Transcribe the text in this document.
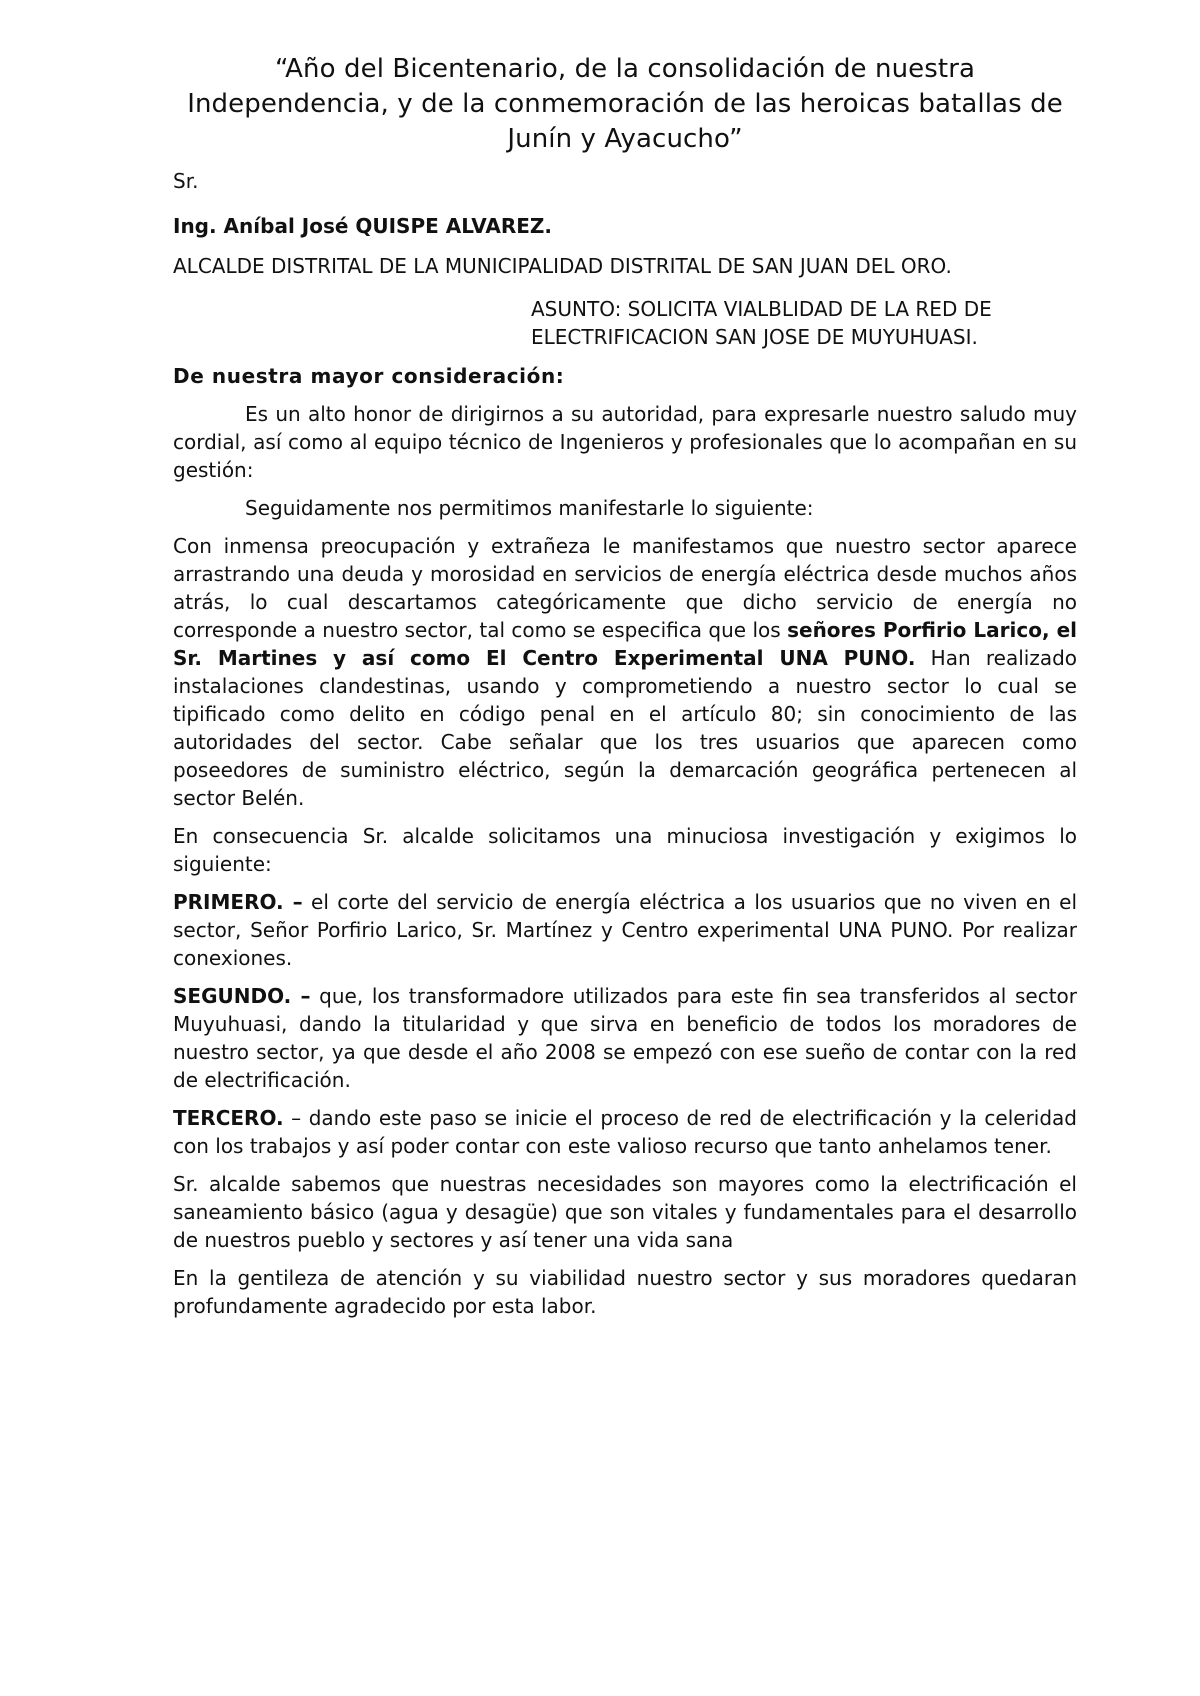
“Año del Bicentenario, de la consolidación de nuestra Independencia, y de la conmemoración de las heroicas batallas de Junín y Ayacucho”
Sr.
Ing. Aníbal José QUISPE ALVAREZ.
ALCALDE DISTRITAL DE LA MUNICIPALIDAD DISTRITAL DE SAN JUAN DEL ORO.
ASUNTO: SOLICITA VIALBLIDAD DE LA RED DE ELECTRIFICACION SAN JOSE DE MUYUHUASI.
De nuestra mayor consideración:
Es un alto honor de dirigirnos a su autoridad, para expresarle nuestro saludo muy cordial, así como al equipo técnico de Ingenieros y profesionales que lo acompañan en su gestión:
Seguidamente nos permitimos manifestarle lo siguiente:
Con inmensa preocupación y extrañeza le manifestamos que nuestro sector aparece arrastrando una deuda y morosidad en servicios de energía eléctrica desde muchos años atrás, lo cual descartamos categóricamente que dicho servicio de energía no corresponde a nuestro sector, tal como se especifica que los señores Porfirio Larico, el Sr. Martines y así como El Centro Experimental UNA PUNO. Han realizado instalaciones clandestinas, usando y comprometiendo a nuestro sector lo cual se tipificado como delito en código penal en el artículo 80; sin conocimiento de las autoridades del sector. Cabe señalar que los tres usuarios que aparecen como poseedores de suministro eléctrico, según la demarcación geográfica pertenecen al sector Belén.
En consecuencia Sr. alcalde solicitamos una minuciosa investigación y exigimos lo siguiente:
PRIMERO. – el corte del servicio de energía eléctrica a los usuarios que no viven en el sector, Señor Porfirio Larico, Sr. Martínez y Centro experimental UNA PUNO. Por realizar conexiones.
SEGUNDO. – que, los transformadore utilizados para este fin sea transferidos al sector Muyuhuasi, dando la titularidad y que sirva en beneficio de todos los moradores de nuestro sector, ya que desde el año 2008 se empezó con ese sueño de contar con la red de electrificación.
TERCERO. – dando este paso se inicie el proceso de red de electrificación y la celeridad con los trabajos y así poder contar con este valioso recurso que tanto anhelamos tener.
Sr. alcalde sabemos que nuestras necesidades son mayores como la electrificación el saneamiento básico (agua y desagüe) que son vitales y fundamentales para el desarrollo de nuestros pueblo y sectores y así tener una vida sana
En la gentileza de atención y su viabilidad nuestro sector y sus moradores quedaran profundamente agradecido por esta labor.
